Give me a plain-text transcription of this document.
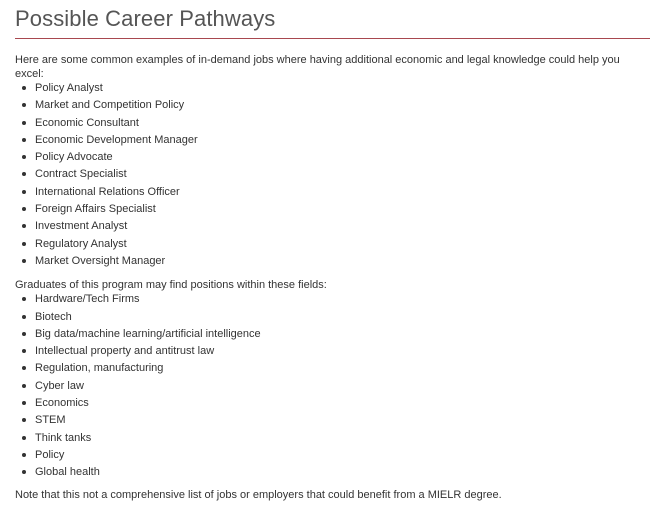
Possible Career Pathways

Here are some common examples of in-demand jobs where having additional economic and legal knowledge could help you excel:

Policy Analyst
Market and Competition Policy
Economic Consultant
Economic Development Manager
Policy Advocate
Contract Specialist
International Relations Officer
Foreign Affairs Specialist
Investment Analyst
Regulatory Analyst
Market Oversight Manager

Graduates of this program may find positions within these fields:

Hardware/Tech Firms
Biotech
Big data/machine learning/artificial intelligence
Intellectual property and antitrust law
Regulation, manufacturing
Cyber law
Economics
STEM
Think tanks
Policy
Global health

Note that this not a comprehensive list of jobs or employers that could benefit from a MIELR degree.
